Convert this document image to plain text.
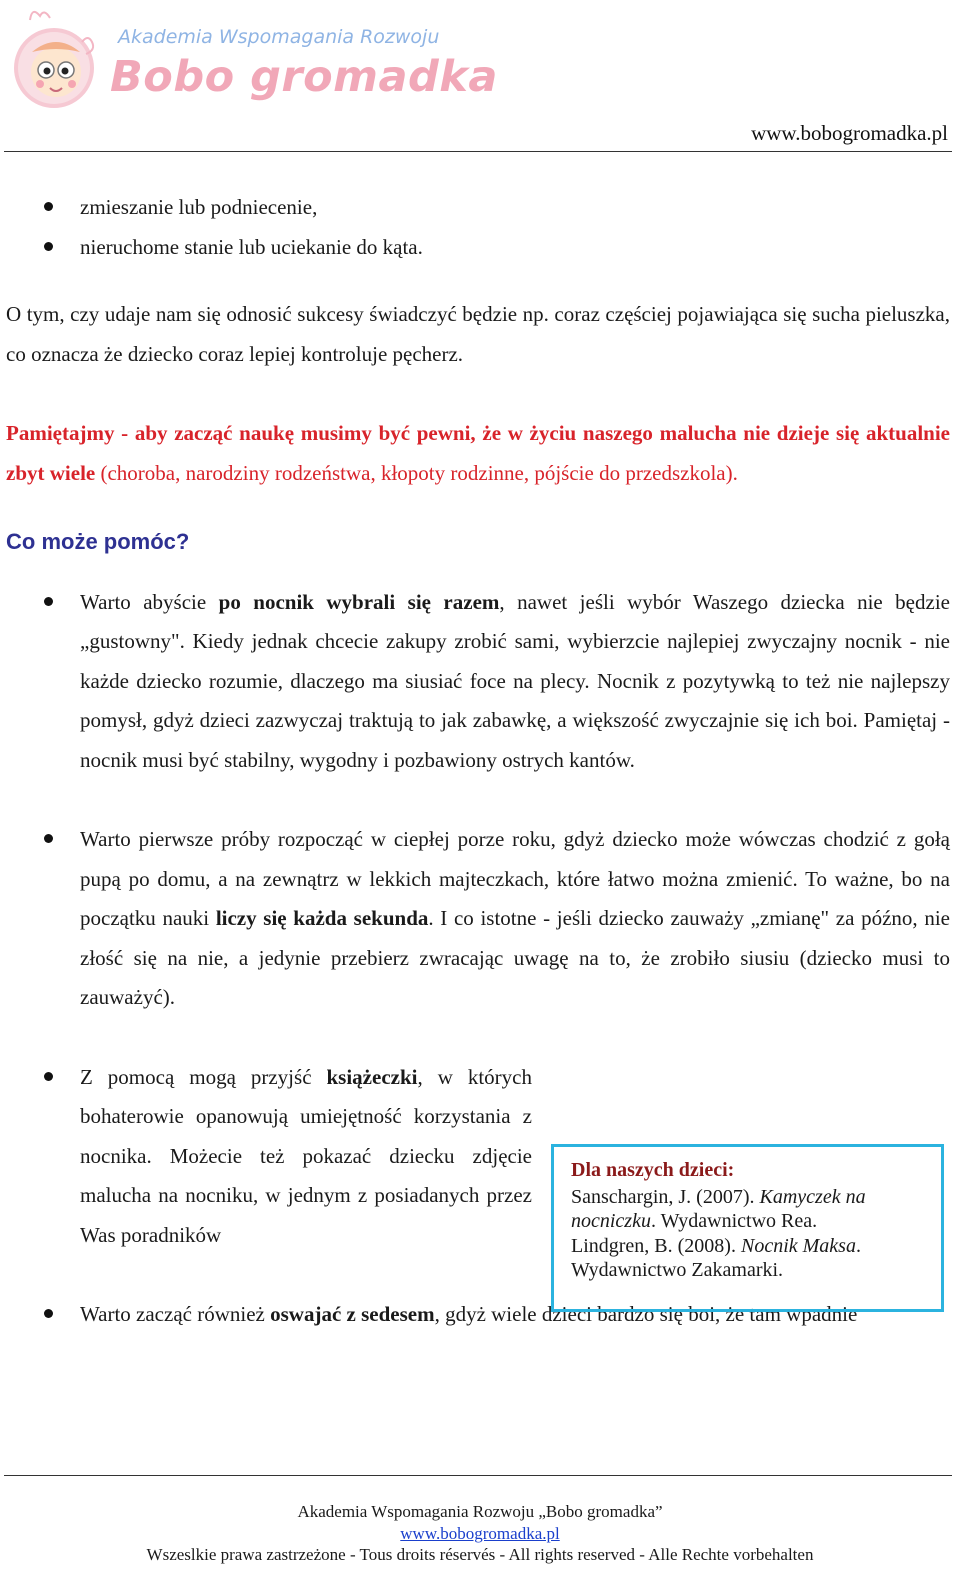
Akademia Wspomagania Rozwoju
Bobo gromadka
www.bobogromadka.pl
zmieszanie lub podniecenie,
nieruchome stanie lub uciekanie do kąta.

O tym, czy udaje nam się odnosić sukcesy świadczyć będzie np. coraz częściej pojawiająca się sucha pieluszka, co oznacza że dziecko coraz lepiej kontroluje pęcherz.

Pamiętajmy - aby zacząć naukę musimy być pewni, że w życiu naszego malucha nie dzieje się aktualnie zbyt wiele (choroba, narodziny rodzeństwa, kłopoty rodzinne, pójście do przedszkola).

Co może pomóc?

Warto abyście po nocnik wybrali się razem, nawet jeśli wybór Waszego dziecka nie będzie „gustowny". Kiedy jednak chcecie zakupy zrobić sami, wybierzcie najlepiej zwyczajny nocnik - nie każde dziecko rozumie, dlaczego ma siusiać foce na plecy. Nocnik z pozytywką to też nie najlepszy pomysł, gdyż dzieci zazwyczaj traktują to jak zabawkę, a większość zwyczajnie się ich boi. Pamiętaj - nocnik musi być stabilny, wygodny i pozbawiony ostrych kantów.
Warto pierwsze próby rozpocząć w ciepłej porze roku, gdyż dziecko może wówczas chodzić z gołą pupą po domu, a na zewnątrz w lekkich majteczkach, które łatwo można zmienić. To ważne, bo na początku nauki liczy się każda sekunda. I co istotne - jeśli dziecko zauważy „zmianę" za późno, nie złość się na nie, a jedynie przebierz zwracając uwagę na to, że zrobiło siusiu (dziecko musi to zauważyć).
Z pomocą mogą przyjść książeczki, w których bohaterowie opanowują umiejętność korzystania z nocnika. Możecie też pokazać dziecku zdjęcie malucha na nocniku, w jednym z posiadanych przez Was poradników
Warto zacząć również oswajać z sedesem, gdyż wiele dzieci bardzo się boi, że tam wpadnie
Dla naszych dzieci:
Sanschargin, J. (2007). Kamyczek na nocniczku. Wydawnictwo Rea.
Lindgren, B. (2008). Nocnik Maksa. Wydawnictwo Zakamarki.
Akademia Wspomagania Rozwoju „Bobo gromadka”
www.bobogromadka.pl
Wszeslkie prawa zastrzeżone - Tous droits réservés - All rights reserved - Alle Rechte vorbehalten
